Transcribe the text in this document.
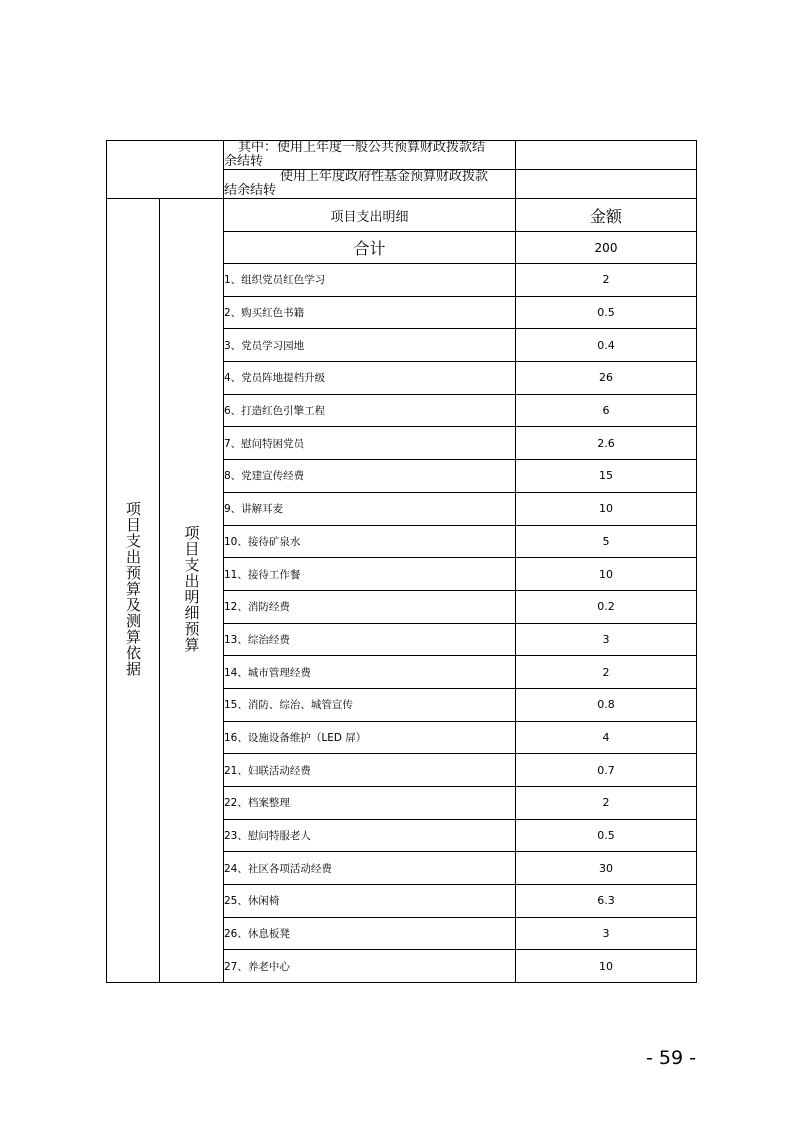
		其中：使用上年度一般公共预算财政拨款结
余结转	

		使用上年度政府性基金预算财政拨款
结余结转	

项目支出预算及测算依据	项目支出明细预算	项目支出明细	金额
		合计	200
		1、组织党员红色学习	2
		2、购买红色书籍	0.5
		3、党员学习园地	0.4
		4、党员阵地提档升级	26
		6、打造红色引擎工程	6
		7、慰问特困党员	2.6
		8、党建宣传经费	15
		9、讲解耳麦	10
		10、接待矿泉水	5
		11、接待工作餐	10
		12、消防经费	0.2
		13、综治经费	3
		14、城市管理经费	2
		15、消防、综治、城管宣传	0.8
		16、设施设备维护（LED 屏）	4
		21、妇联活动经费	0.7
		22、档案整理	2
		23、慰问特服老人	0.5
		24、社区各项活动经费	30
		25、休闲椅	6.3
		26、休息板凳	3
		27、养老中心	10
- 59 -
